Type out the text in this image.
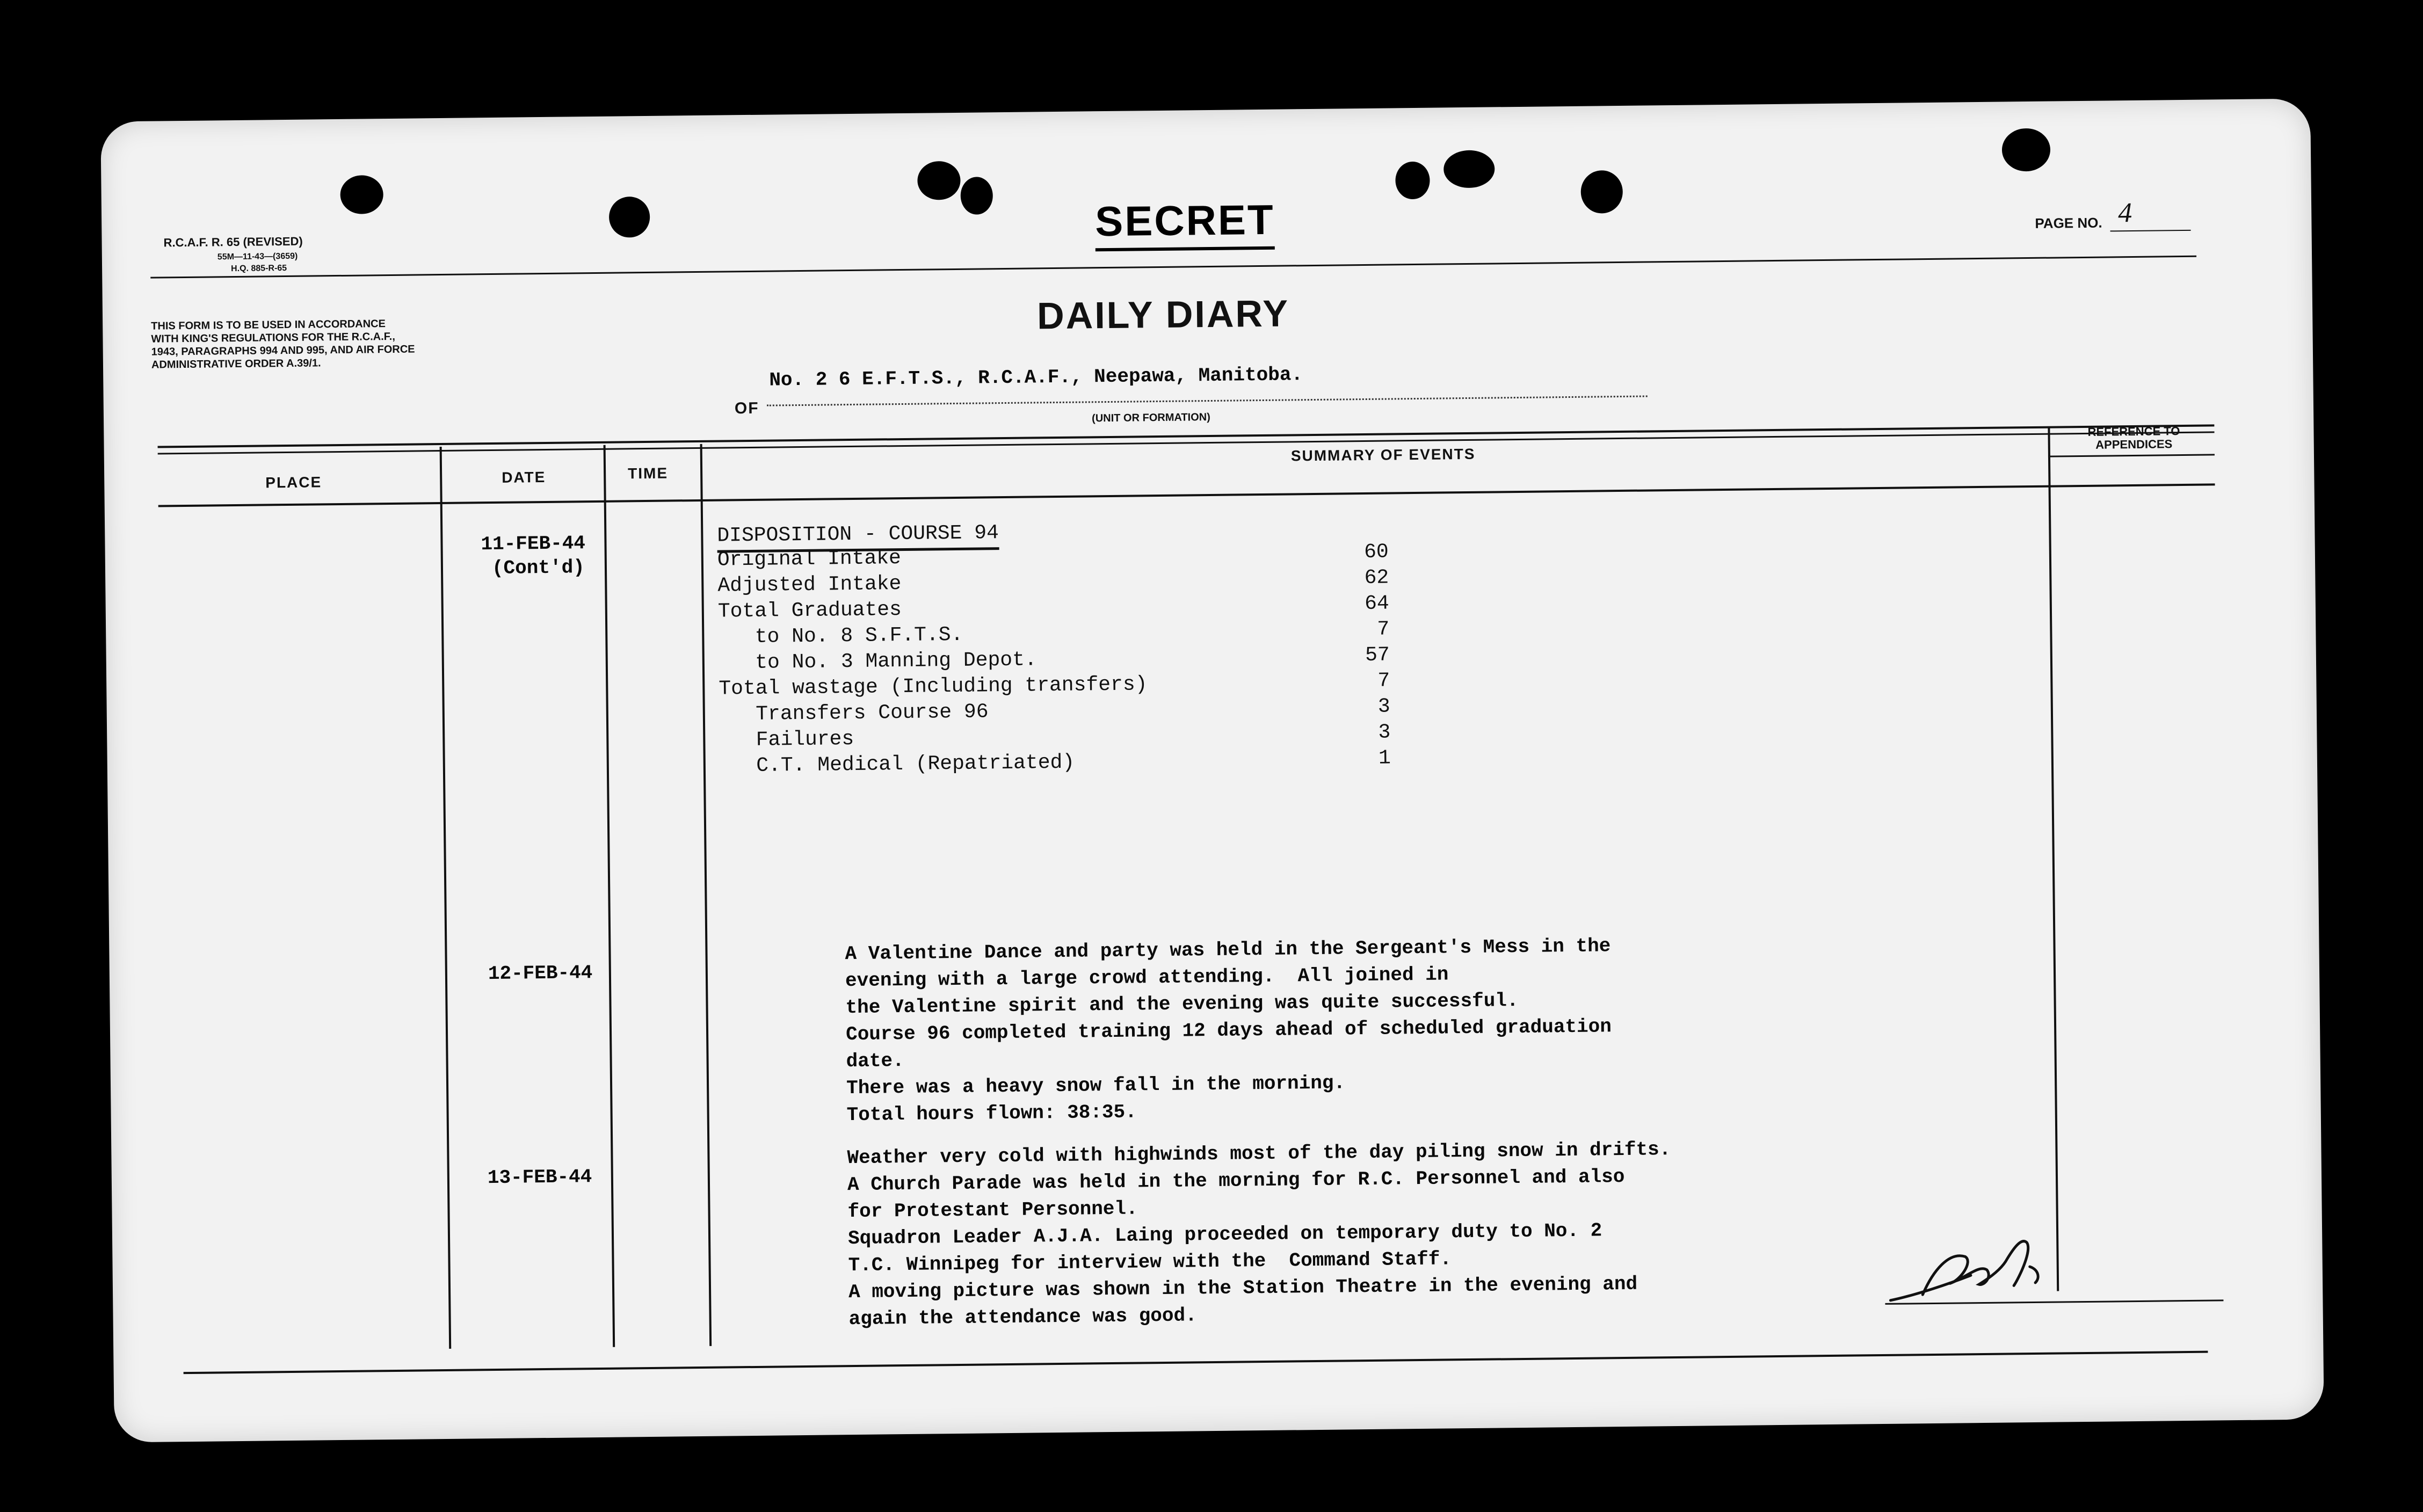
R.C.A.F. R. 65 (REVISED)
55M—11-43—(3659)
H.Q. 885-R-65
SECRET	PAGE NO. 4
THIS FORM IS TO BE USED IN ACCORDANCE
WITH KING'S REGULATIONS FOR THE R.C.A.F.,
1943, PARAGRAPHS 994 AND 995, AND AIR FORCE
ADMINISTRATIVE ORDER A.39/1.
DAILY DIARY
OF
No. 2 6 E.F.T.S., R.C.A.F., Neepawa, Manitoba.
(UNIT OR FORMATION)
PLACE	DATE	TIME
SUMMARY OF EVENTS
REFERENCE TO APPENDICES
11-FEB-44
(Cont'd)
DISPOSITION - COURSE 94
Original Intake	60
Adjusted Intake	62
Total Graduates	64
to No. 8 S.F.T.S.	7
to No. 3 Manning Depot.	57
Total wastage (Including transfers)	7
Transfers Course 96	3
Failures	3
C.T. Medical (Repatriated)	1
12-FEB-44
A Valentine Dance and party was held in the Sergeant's Mess in the
evening with a large crowd attending.  All joined in
the Valentine spirit and the evening was quite successful.
Course 96 completed training 12 days ahead of scheduled graduation
date.
There was a heavy snow fall in the morning.
Total hours flown: 38:35.
13-FEB-44
Weather very cold with highwinds most of the day piling snow in drifts.
A Church Parade was held in the morning for R.C. Personnel and also
for Protestant Personnel.
Squadron Leader A.J.A. Laing proceeded on temporary duty to No. 2
T.C. Winnipeg for interview with the  Command Staff.
A moving picture was shown in the Station Theatre in the evening and
again the attendance was good.
